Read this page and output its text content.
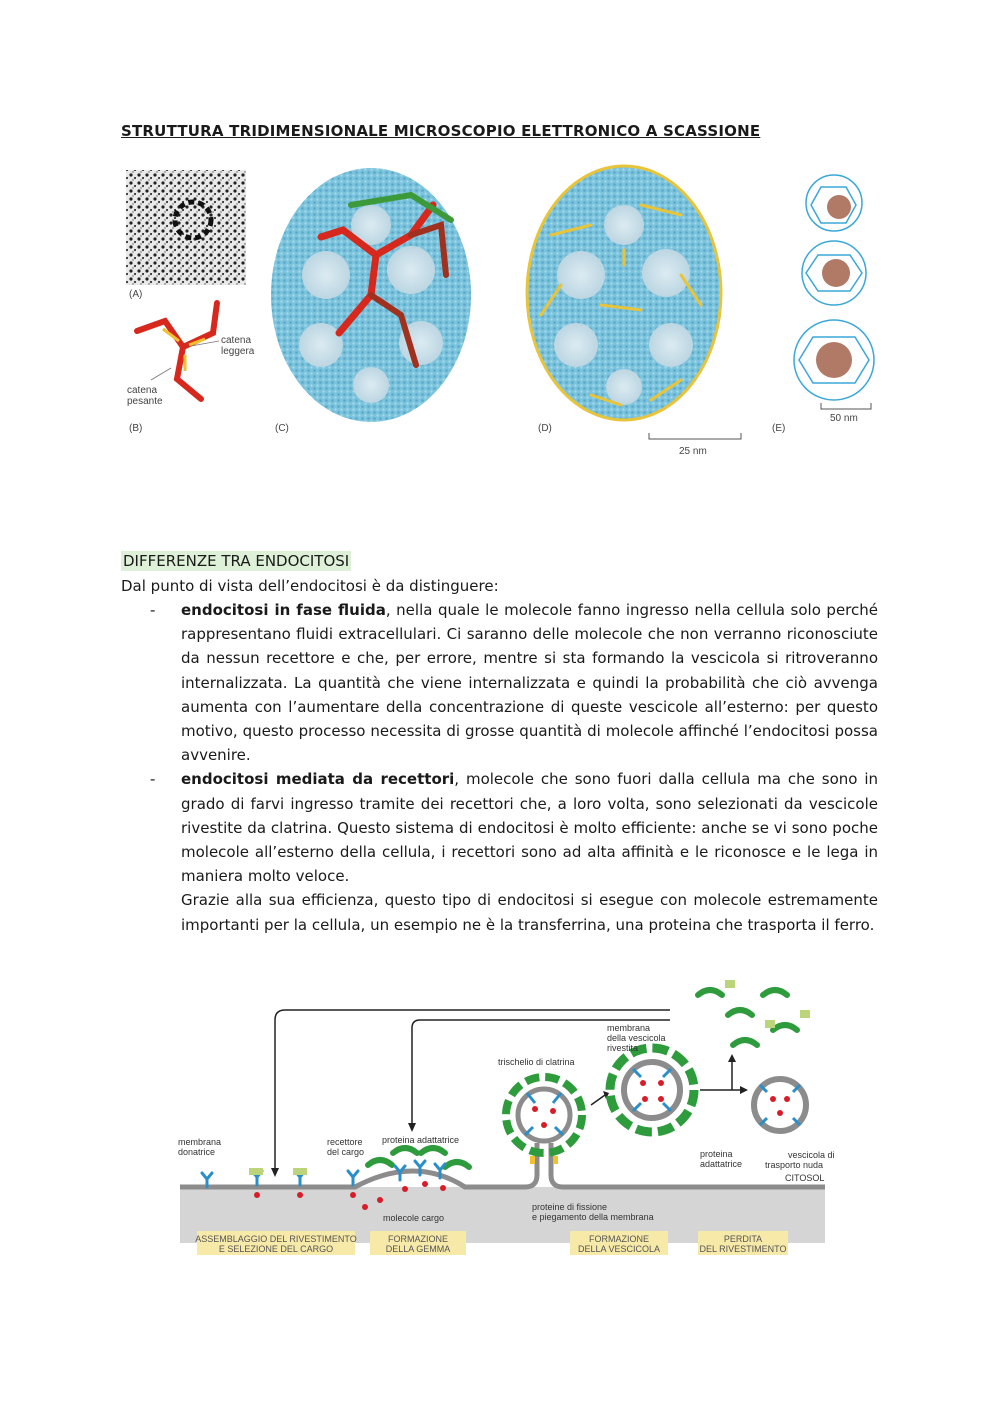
STRUTTURA TRIDIMENSIONALE MICROSCOPIO ELETTRONICO A SCASSIONE
(A)
(B)	(C)	(D)	(E)
catena
leggera
catena
pesante
25 nm
50 nm
DIFFERENZE TRA ENDOCITOSI
Dal punto di vista dell’endocitosi è da distinguere:
- endocitosi in fase fluida, nella quale le molecole fanno ingresso nella cellula solo perché rappresentano fluidi extracellulari. Ci saranno delle molecole che non verranno riconosciute da nessun recettore e che, per errore, mentre si sta formando la vescicola si ritroveranno internalizzata. La quantità che viene internalizzata e quindi la probabilità che ciò avvenga aumenta con l’aumentare della concentrazione di queste vescicole all’esterno: per questo motivo, questo processo necessita di grosse quantità di molecole affinché l’endocitosi possa avvenire.

- endocitosi mediata da recettori, molecole che sono fuori dalla cellula ma che sono in grado di farvi ingresso tramite dei recettori che, a loro volta, sono selezionati da vescicole rivestite da clatrina. Questo sistema di endocitosi è molto efficiente: anche se vi sono poche molecole all’esterno della cellula, i recettori sono ad alta affinità e le riconosce e le lega in maniera molto veloce.

Grazie alla sua efficienza, questo tipo di endocitosi si esegue con molecole estremamente importanti per la cellula, un esempio ne è la transferrina, una proteina che trasporta il ferro.

membrana
donatrice
recettore
del cargo
proteina adattatrice
trischelio di clatrina
membrana
della vescicola
rivestita
proteina
adattatrice
vescicola di
trasporto nuda
CITOSOL
molecole cargo
proteine di fissione
e piegamento della membrana
ASSEMBLAGGIO DEL RIVESTIMENTO
E SELEZIONE DEL CARGO
FORMAZIONE
DELLA GEMMA
FORMAZIONE
DELLA VESCICOLA
PERDITA
DEL RIVESTIMENTO
